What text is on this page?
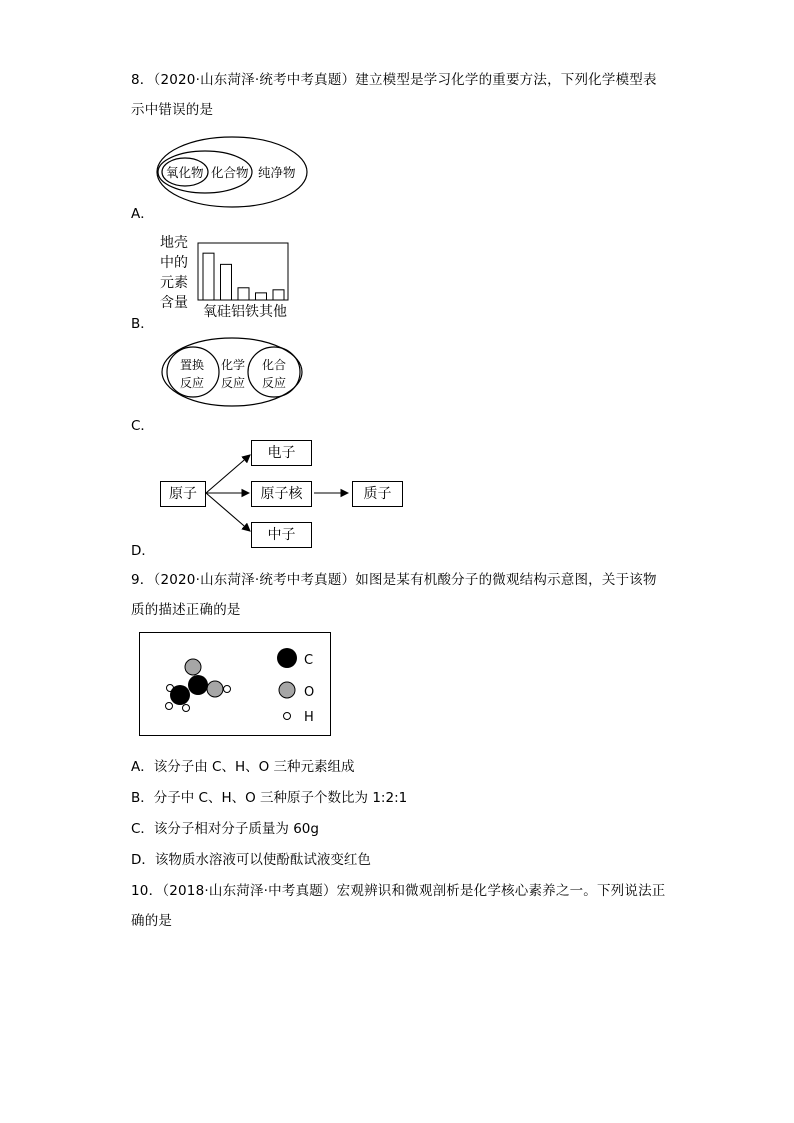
8．（2020·山东菏泽·统考中考真题）建立模型是学习化学的重要方法，下列化学模型表
示中错误的是
氧化物 化合物 纯净物
A．
地壳
中的
元素
含量
氧硅铝铁其他
B．
置换
反应
化学
反应
化合
反应
C．
原子
电子
原子核
中子
质子
D．
9．（2020·山东菏泽·统考中考真题）如图是某有机酸分子的微观结构示意图，关于该物
质的描述正确的是
C
O
H
A．该分子由 C、H、O 三种元素组成
B．分子中 C、H、O 三种原子个数比为 1:2:1
C．该分子相对分子质量为 60g
D．该物质水溶液可以使酚酞试液变红色
10．（2018·山东菏泽·中考真题）宏观辨识和微观剖析是化学核心素养之一。下列说法正
确的是
